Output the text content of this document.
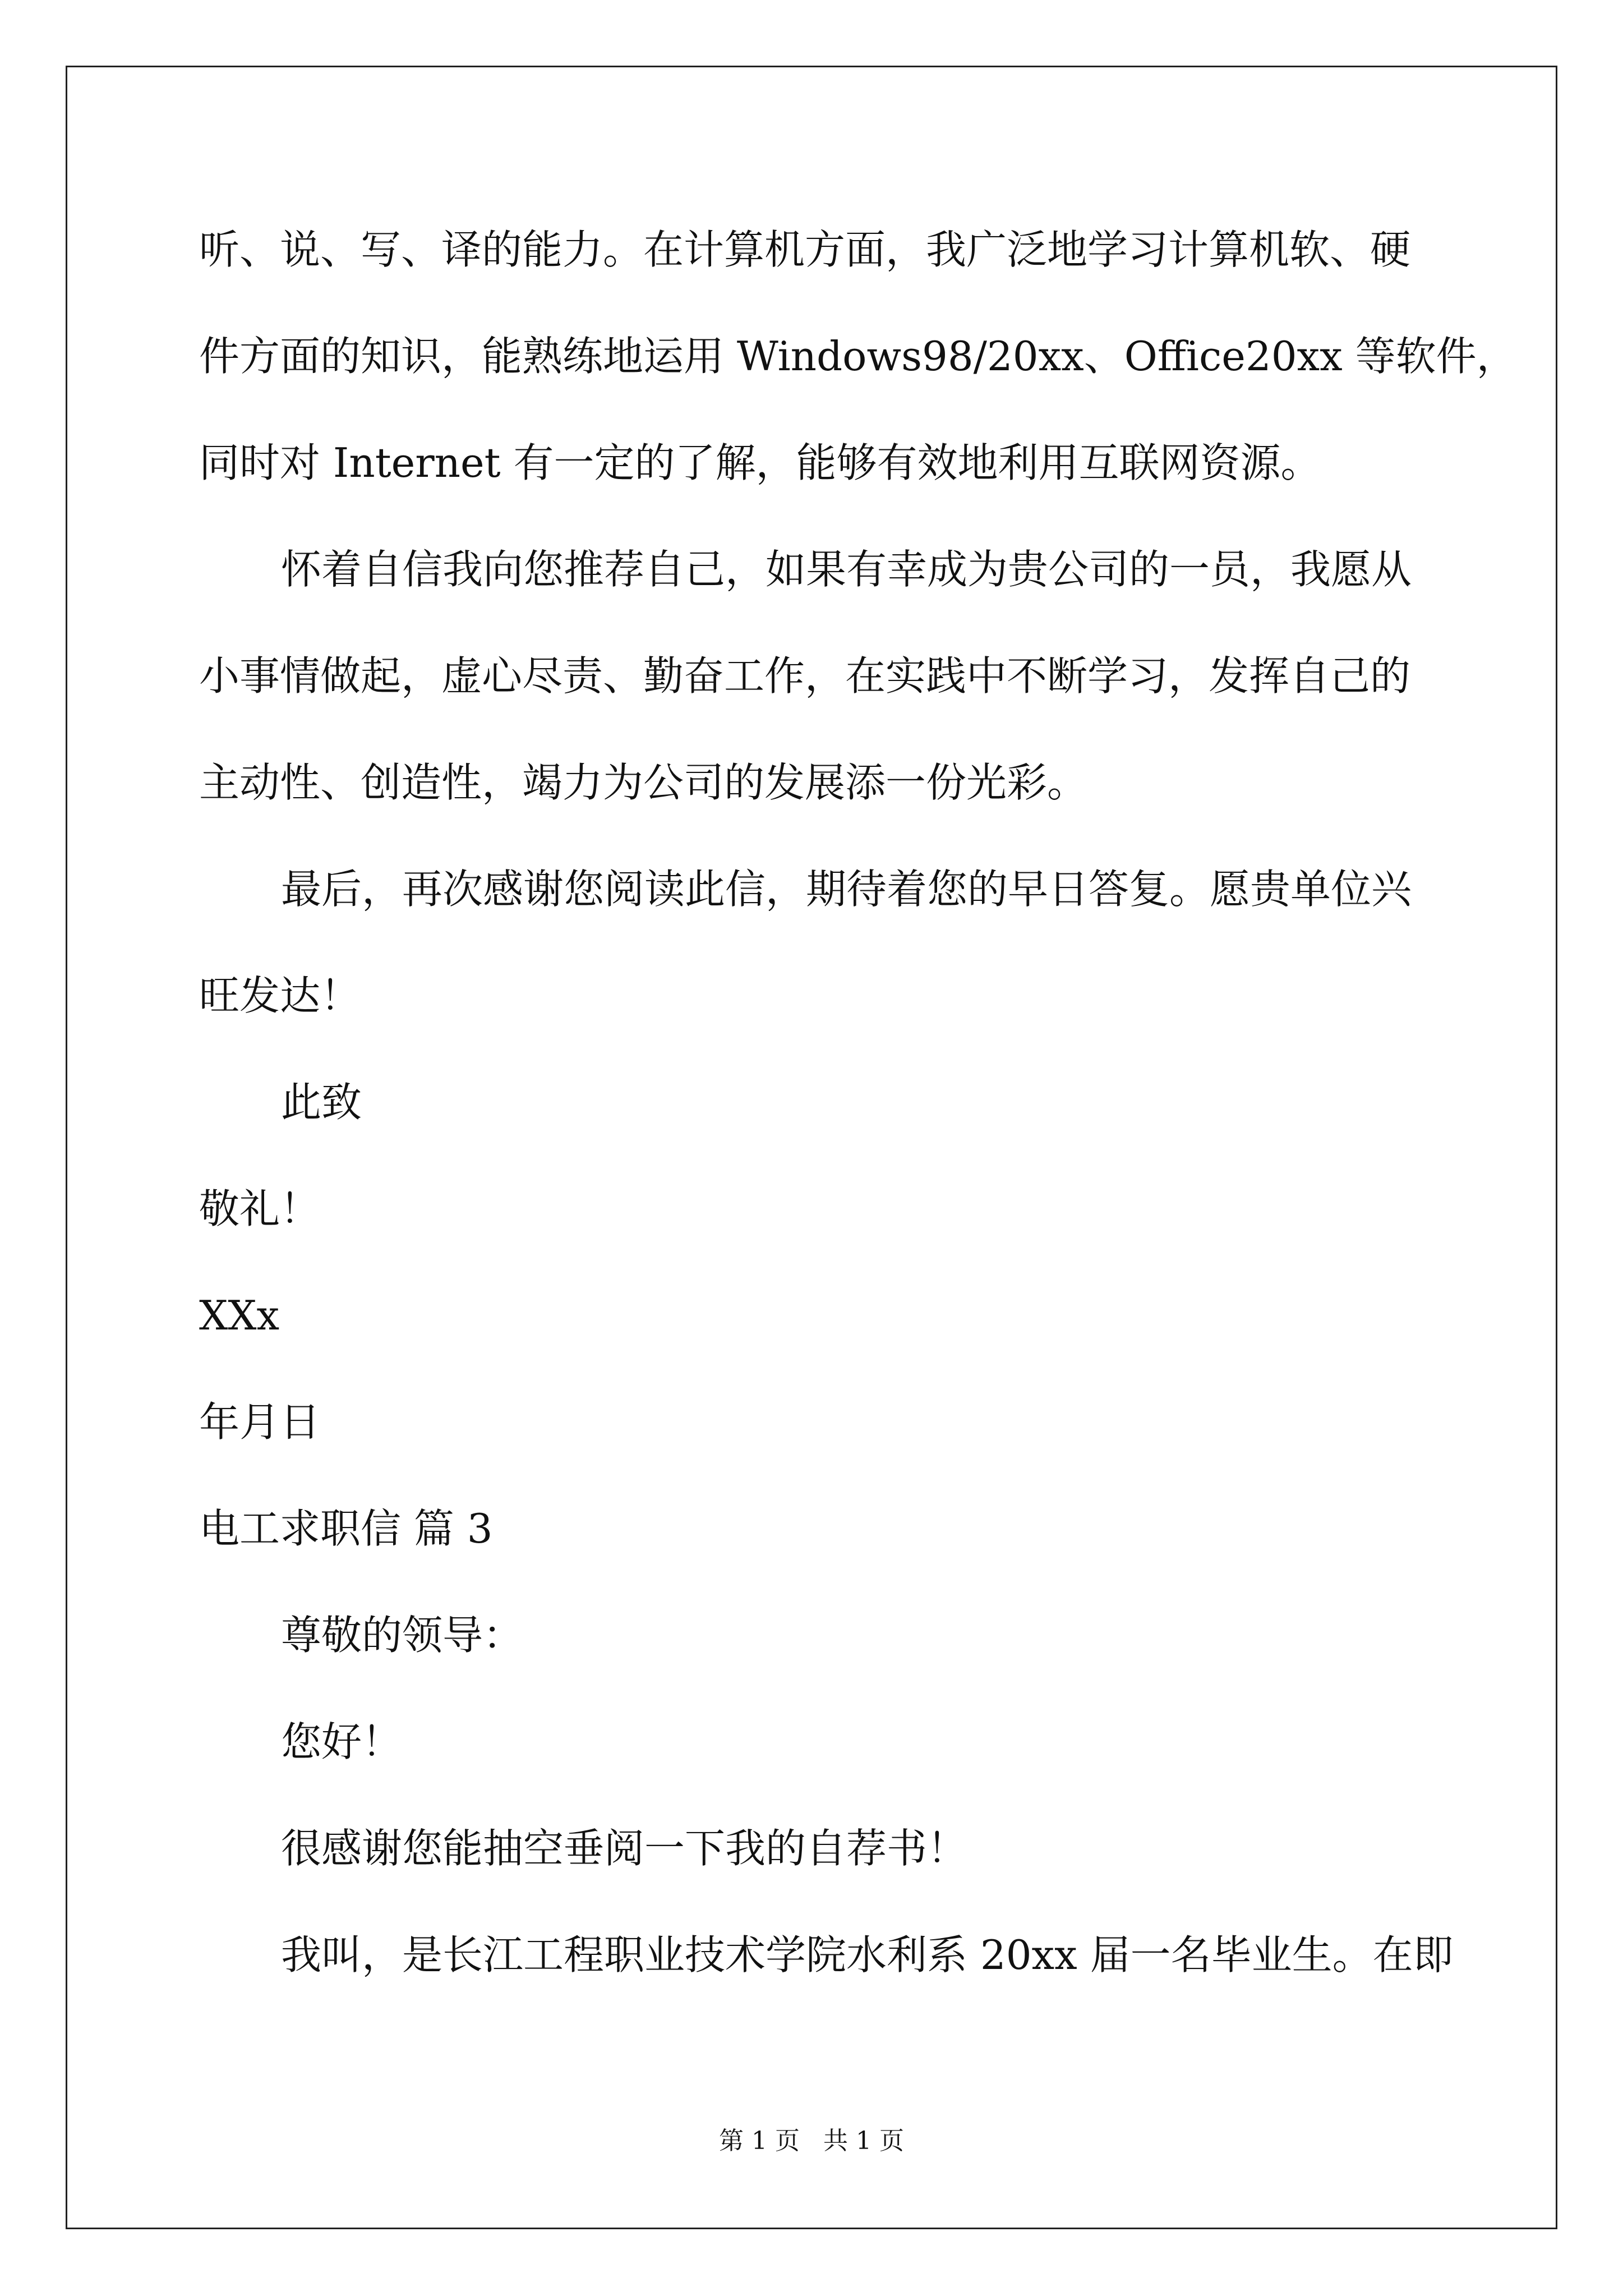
听、说、写、译的能力。在计算机方面，我广泛地学习计算机软、硬
件方面的知识，能熟练地运用 Windows98/20xx、Office20xx 等软件，
同时对 Internet 有一定的了解，能够有效地利用互联网资源。
怀着自信我向您推荐自己，如果有幸成为贵公司的一员，我愿从
小事情做起，虚心尽责、勤奋工作，在实践中不断学习，发挥自己的
主动性、创造性，竭力为公司的发展添一份光彩。
最后，再次感谢您阅读此信，期待着您的早日答复。愿贵单位兴
旺发达！
此致
敬礼！
XXx
年月日
电工求职信 篇 3
尊敬的领导：
您好！
很感谢您能抽空垂阅一下我的自荐书！
我叫，是长江工程职业技术学院水利系 20xx 届一名毕业生。在即
第 1 页   共 1 页
